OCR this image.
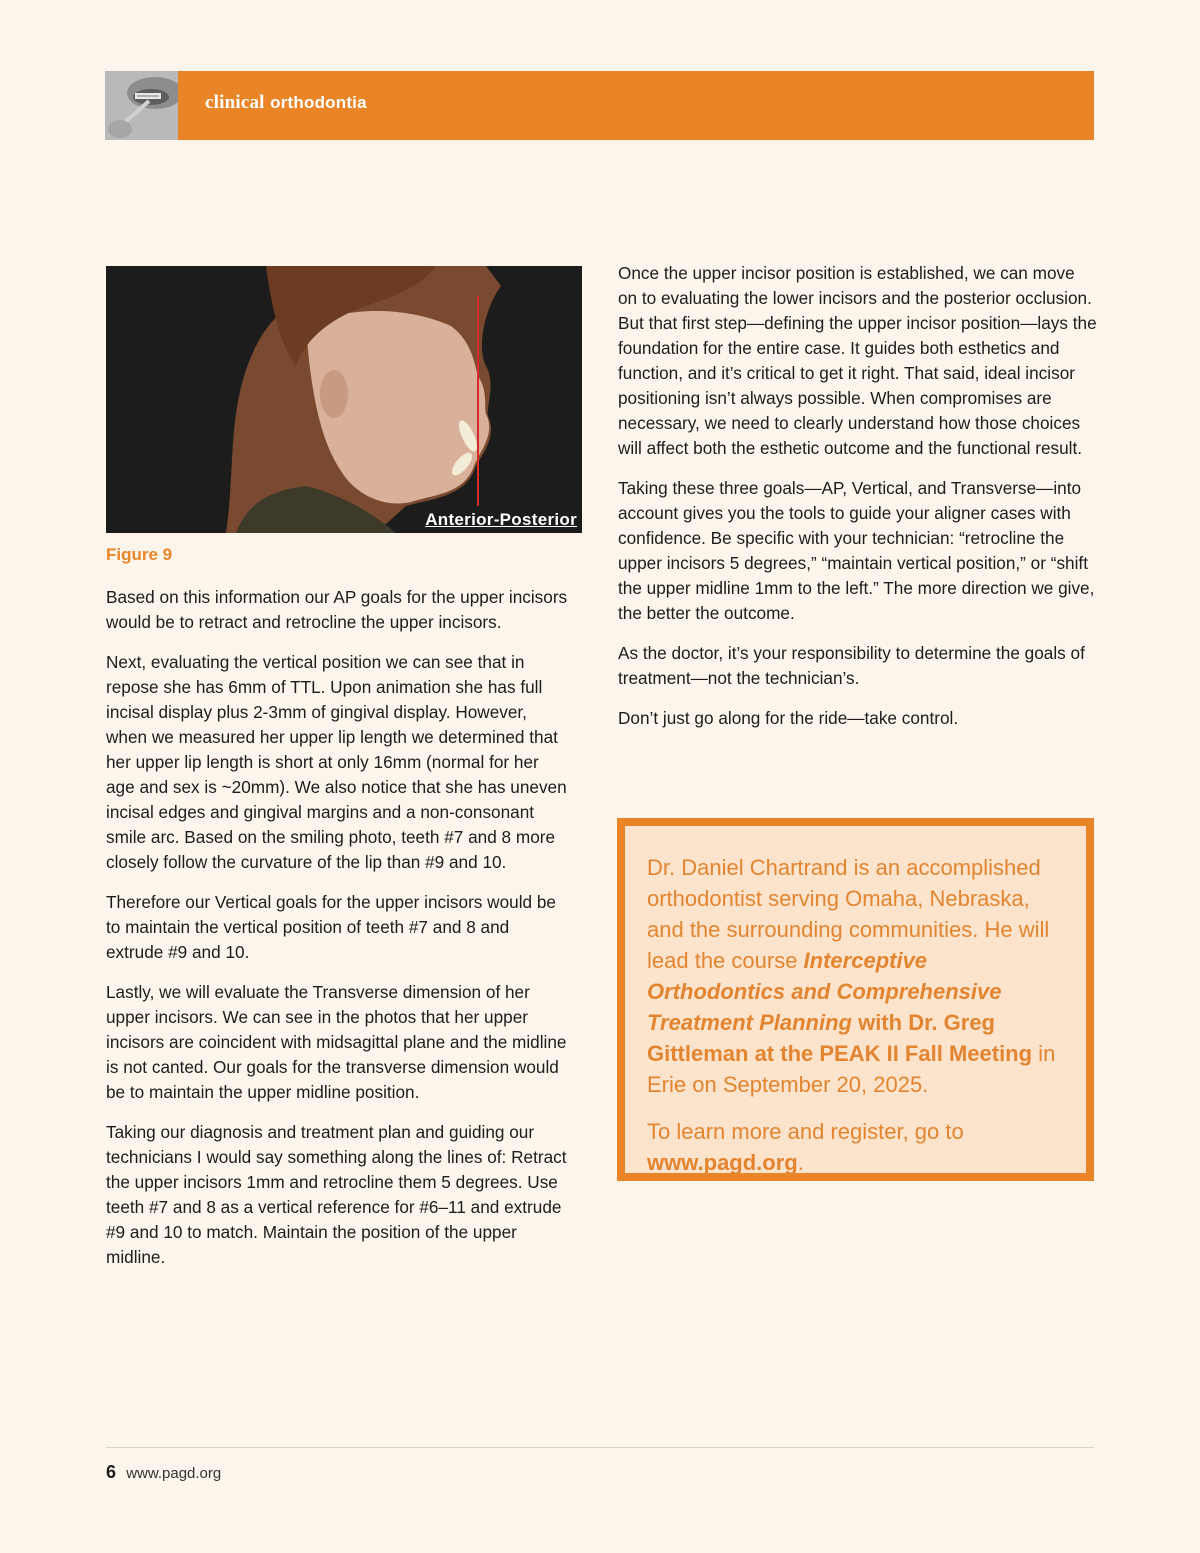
clinical orthodontia
Anterior-Posterior
Figure 9

Based on this information our AP goals for the upper incisors would be to retract and retrocline the upper incisors.

Next, evaluating the vertical position we can see that in repose she has 6mm of TTL. Upon animation she has full incisal display plus 2-3mm of gingival display. However, when we measured her upper lip length we determined that her upper lip length is short at only 16mm (normal for her age and sex is ~20mm). We also notice that she has uneven incisal edges and gingival margins and a non-consonant smile arc. Based on the smiling photo, teeth #7 and 8 more closely follow the curvature of the lip than #9 and 10.

Therefore our Vertical goals for the upper incisors would be to maintain the vertical position of teeth #7 and 8 and extrude #9 and 10.

Lastly, we will evaluate the Transverse dimension of her upper incisors. We can see in the photos that her upper incisors are coincident with midsagittal plane and the midline is not canted. Our goals for the transverse dimension would be to maintain the upper midline position.

Taking our diagnosis and treatment plan and guiding our technicians I would say something along the lines of: Retract the upper incisors 1mm and retrocline them 5 degrees. Use teeth #7 and 8 as a vertical reference for #6–11 and extrude #9 and 10 to match. Maintain the position of the upper midline.

Once the upper incisor position is established, we can move on to evaluating the lower incisors and the posterior occlusion. But that first step—defining the upper incisor position—lays the foundation for the entire case. It guides both esthetics and function, and it’s critical to get it right. That said, ideal incisor positioning isn’t always possible. When compromises are necessary, we need to clearly understand how those choices will affect both the esthetic outcome and the functional result.

Taking these three goals—AP, Vertical, and Transverse—into account gives you the tools to guide your aligner cases with confidence. Be specific with your technician: “retrocline the upper incisors 5 degrees,” “maintain vertical position,” or “shift the upper midline 1mm to the left.” The more direction we give, the better the outcome.

As the doctor, it’s your responsibility to determine the goals of treatment—not the technician’s.

Don’t just go along for the ride—take control.

Dr. Daniel Chartrand is an accomplished orthodontist serving Omaha, Nebraska, and the surrounding communities. He will lead the course Interceptive Orthodontics and Comprehensive Treatment Planning with Dr. Greg Gittleman at the PEAK II Fall Meeting in Erie on September 20, 2025.

To learn more and register, go to www.pagd.org.

6 www.pagd.org
